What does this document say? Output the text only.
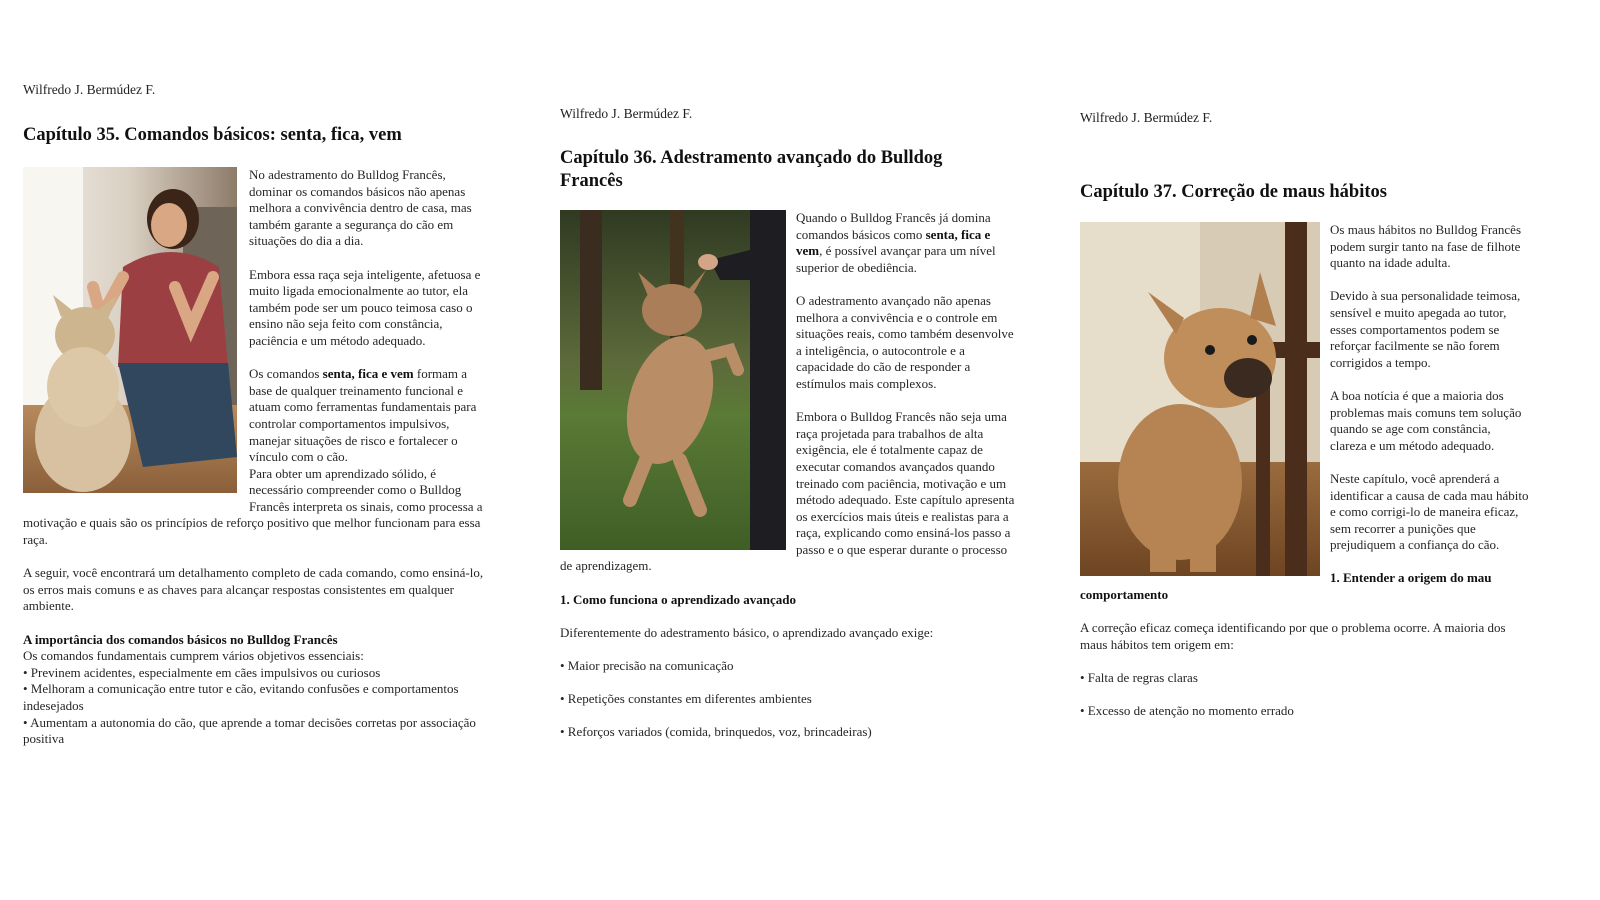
Wilfredo J. Bermúdez F.
Capítulo 35. Comandos básicos: senta, fica, vem

No adestramento do Bulldog Francês, dominar os comandos básicos não apenas melhora a convivência dentro de casa, mas também garante a segurança do cão em situações do dia a dia.

Embora essa raça seja inteligente, afetuosa e muito ligada emocionalmente ao tutor, ela também pode ser um pouco teimosa caso o ensino não seja feito com constância, paciência e um método adequado.

Os comandos senta, fica e vem formam a base de qualquer treinamento funcional e atuam como ferramentas fundamentais para controlar comportamentos impulsivos, manejar situações de risco e fortalecer o vínculo com o cão.

Para obter um aprendizado sólido, é necessário compreender como o Bulldog Francês interpreta os sinais, como processa a motivação e quais são os princípios de reforço positivo que melhor funcionam para essa raça.

A seguir, você encontrará um detalhamento completo de cada comando, como ensiná-lo, os erros mais comuns e as chaves para alcançar respostas consistentes em qualquer ambiente.

A importância dos comandos básicos no Bulldog Francês

Os comandos fundamentais cumprem vários objetivos essenciais:

• Previnem acidentes, especialmente em cães impulsivos ou curiosos

• Melhoram a comunicação entre tutor e cão, evitando confusões e comportamentos indesejados

• Aumentam a autonomia do cão, que aprende a tomar decisões corretas por associação positiva

Wilfredo J. Bermúdez F.
Capítulo 36. Adestramento avançado do Bulldog Francês

Quando o Bulldog Francês já domina comandos básicos como senta, fica e vem, é possível avançar para um nível superior de obediência.

O adestramento avançado não apenas melhora a convivência e o controle em situações reais, como também desenvolve a inteligência, o autocontrole e a capacidade do cão de responder a estímulos mais complexos.

Embora o Bulldog Francês não seja uma raça projetada para trabalhos de alta exigência, ele é totalmente capaz de executar comandos avançados quando treinado com paciência, motivação e um método adequado. Este capítulo apresenta os exercícios mais úteis e realistas para a raça, explicando como ensiná-los passo a passo e o que esperar durante o processo de aprendizagem.

1. Como funciona o aprendizado avançado

Diferentemente do adestramento básico, o aprendizado avançado exige:

• Maior precisão na comunicação

• Repetições constantes em diferentes ambientes

• Reforços variados (comida, brinquedos, voz, brincadeiras)

Wilfredo J. Bermúdez F.
Capítulo 37. Correção de maus hábitos

Os maus hábitos no Bulldog Francês podem surgir tanto na fase de filhote quanto na idade adulta.

Devido à sua personalidade teimosa, sensível e muito apegada ao tutor, esses comportamentos podem se reforçar facilmente se não forem corrigidos a tempo.

A boa notícia é que a maioria dos problemas mais comuns tem solução quando se age com constância, clareza e um método adequado.

Neste capítulo, você aprenderá a identificar a causa de cada mau hábito e como corrigi-lo de maneira eficaz, sem recorrer a punições que prejudiquem a confiança do cão.

1. Entender a origem do mau comportamento

A correção eficaz começa identificando por que o problema ocorre. A maioria dos maus hábitos tem origem em:

• Falta de regras claras

• Excesso de atenção no momento errado
